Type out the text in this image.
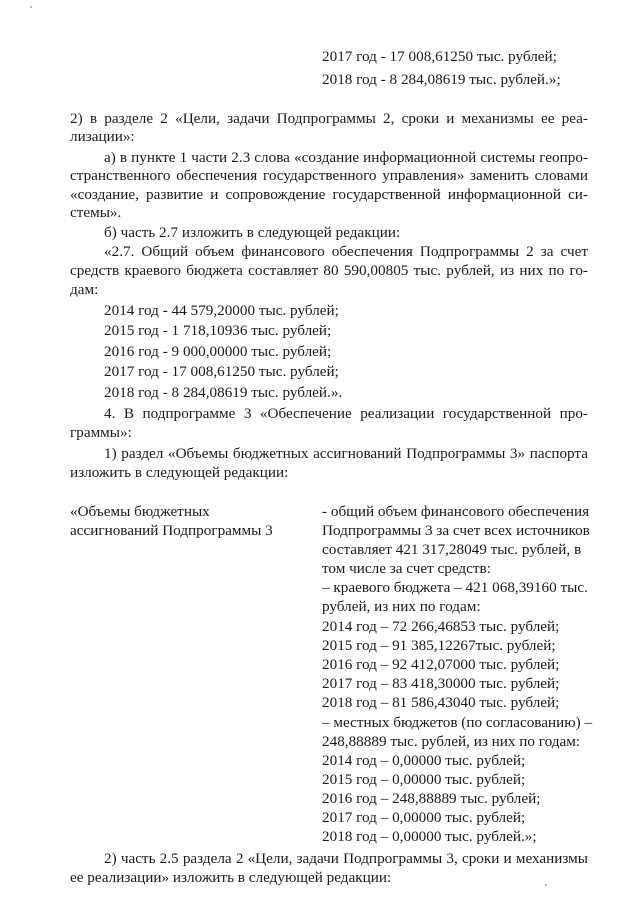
2017 год - 17 008,61250 тыс. рублей;
2018 год - 8 284,08619 тыс. рублей.»;
2) в разделе 2 «Цели, задачи Подпрограммы 2, сроки и механизмы ее реа-
лизации»:
а) в пункте 1 части 2.3 слова «создание информационной системы геопро-
странственного обеспечения государственного управления» заменить словами
«создание, развитие и сопровождение государственной информационной си-
стемы».
б) часть 2.7 изложить в следующей редакции:
«2.7. Общий объем финансового обеспечения Подпрограммы 2 за счет
средств краевого бюджета составляет 80 590,00805 тыс. рублей, из них по го-
дам:
2014 год - 44 579,20000 тыс. рублей;
2015 год - 1 718,10936 тыс. рублей;
2016 год - 9 000,00000 тыс. рублей;
2017 год - 17 008,61250 тыс. рублей;
2018 год - 8 284,08619 тыс. рублей.».
4. В подпрограмме 3 «Обеспечение реализации государственной про-
граммы»:
1) раздел «Объемы бюджетных ассигнований Подпрограммы 3» паспорта
изложить в следующей редакции:
«Объемы бюджетных
ассигнований Подпрограммы 3
- общий объем финансового обеспечения
Подпрограммы 3 за счет всех источников
составляет 421 317,28049 тыс. рублей, в
том числе за счет средств:
– краевого бюджета – 421 068,39160 тыс.
рублей, из них по годам:
2014 год – 72 266,46853 тыс. рублей;
2015 год – 91 385,12267тыс. рублей;
2016 год – 92 412,07000 тыс. рублей;
2017 год – 83 418,30000 тыс. рублей;
2018 год – 81 586,43040 тыс. рублей;
– местных бюджетов (по согласованию) –
248,88889 тыс. рублей, из них по годам:
2014 год – 0,00000 тыс. рублей;
2015 год – 0,00000 тыс. рублей;
2016 год – 248,88889 тыс. рублей;
2017 год – 0,00000 тыс. рублей;
2018 год – 0,00000 тыс. рублей.»;
2) часть 2.5 раздела 2 «Цели, задачи Подпрограммы 3, сроки и механизмы
ее реализации» изложить в следующей редакции:
